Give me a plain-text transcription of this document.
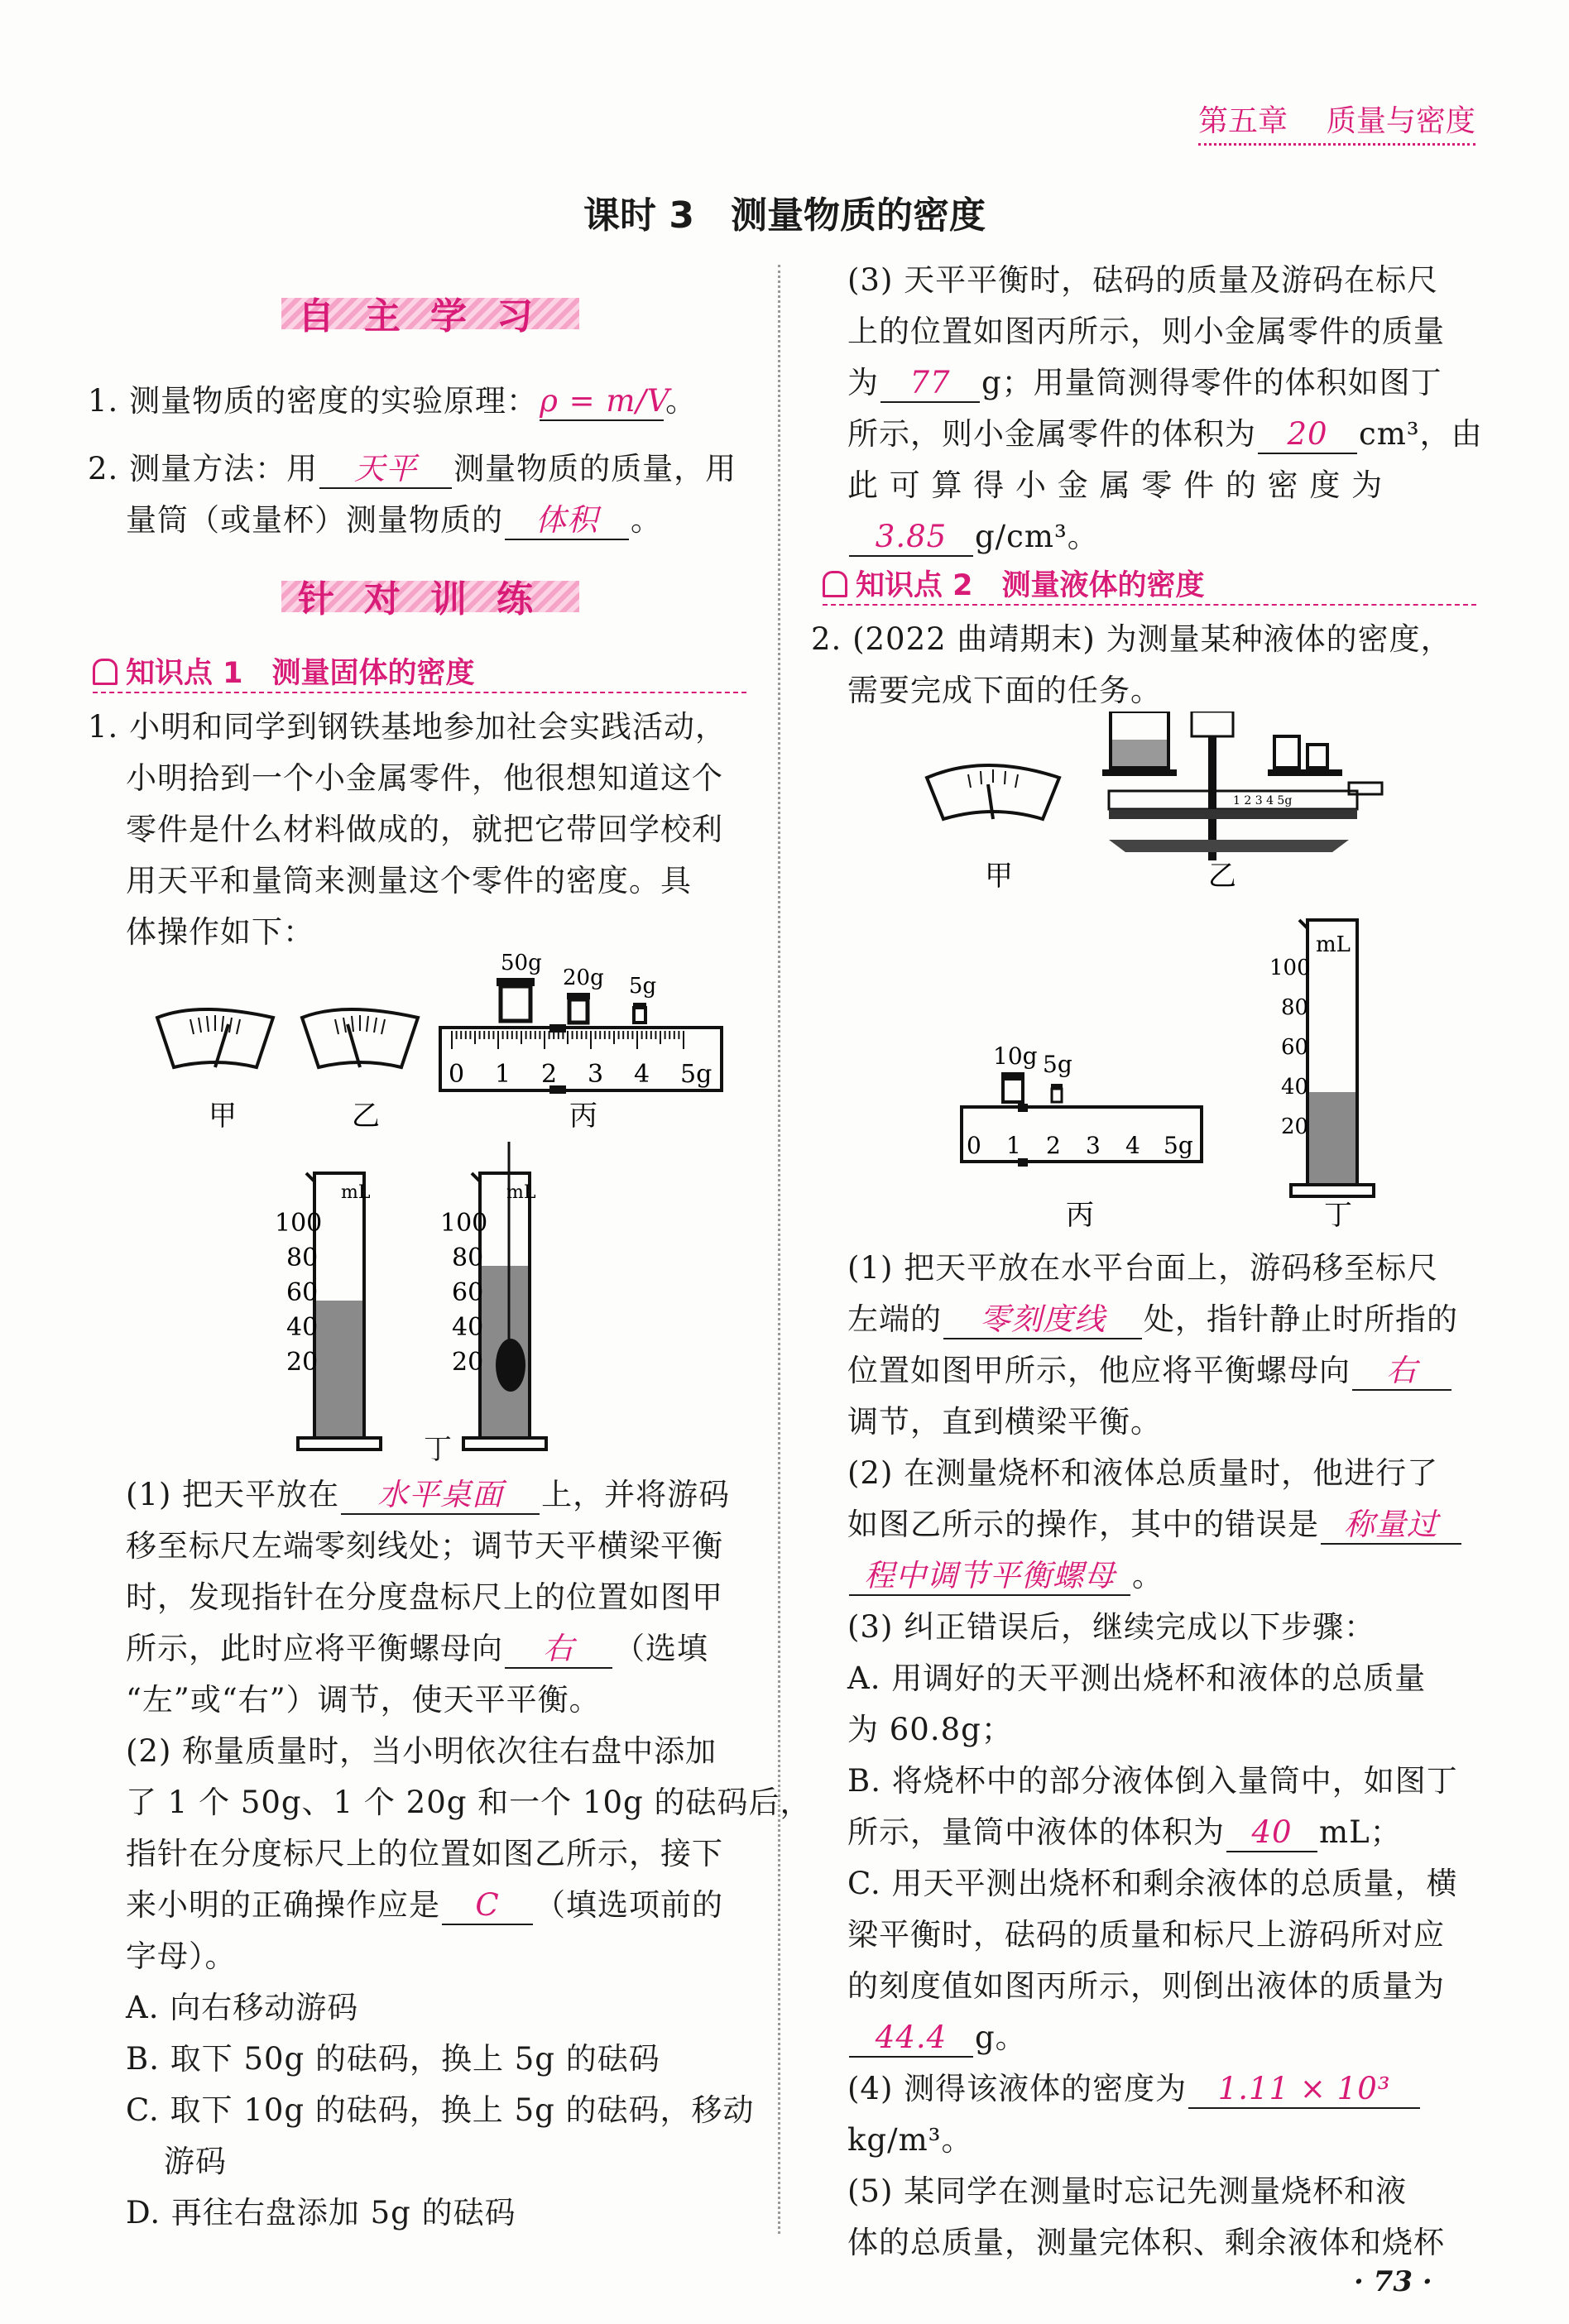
第五章 质量与密度
课时 3　测量物质的密度
自主学习
1. 测量物质的密度的实验原理：ρ = m/V。
2. 测量方法：用 天平 测量物质的质量，用
量筒（或量杯）测量物质的 体积 。
针对训练
知识点 1　测量固体的密度
1. 小明和同学到钢铁基地参加社会实践活动，
小明拾到一个小金属零件，他很想知道这个
零件是什么材料做成的，就把它带回学校利
用天平和量筒来测量这个零件的密度。具
体操作如下：
甲	乙
50g
20g 5g
0 1 2 3 4 5g
丙
mL
100
80
60
40
20
mL
100
80
60
40
20
丁
(1) 把天平放在 水平桌面 上，并将游码
移至标尺左端零刻线处；调节天平横梁平衡
时，发现指针在分度盘标尺上的位置如图甲
所示，此时应将平衡螺母向 右 （选填
“左”或“右”）调节，使天平平衡。
(2) 称量质量时，当小明依次往右盘中添加
了 1 个 50g、1 个 20g 和一个 10g 的砝码后，
指针在分度标尺上的位置如图乙所示，接下
来小明的正确操作应是 C （填选项前的
字母）。
A. 向右移动游码
B. 取下 50g 的砝码，换上 5g 的砝码
C. 取下 10g 的砝码，换上 5g 的砝码，移动
游码
D. 再往右盘添加 5g 的砝码
(3) 天平平衡时，砝码的质量及游码在标尺
上的位置如图丙所示，则小金属零件的质量
为 77 g；用量筒测得零件的体积如图丁
所示，则小金属零件的体积为 20 cm³，由
此 可 算 得 小 金 属 零 件 的 密 度 为
3.85 g/cm³。
知识点 2　测量液体的密度
2. (2022 曲靖期末) 为测量某种液体的密度，
需要完成下面的任务。
甲
1 2 3 4 5g
乙
10g 5g
0 1 2 3 4 5g
丙
mL
100
80
60
40
20
丁
(1) 把天平放在水平台面上，游码移至标尺
左端的 零刻度线 处，指针静止时所指的
位置如图甲所示，他应将平衡螺母向 右
调节，直到横梁平衡。
(2) 在测量烧杯和液体总质量时，他进行了
如图乙所示的操作，其中的错误是 称量过
程中调节平衡螺母 。
(3) 纠正错误后，继续完成以下步骤：
A. 用调好的天平测出烧杯和液体的总质量
为 60.8g；
B. 将烧杯中的部分液体倒入量筒中，如图丁
所示，量筒中液体的体积为 40 mL；
C. 用天平测出烧杯和剩余液体的总质量，横
梁平衡时，砝码的质量和标尺上游码所对应
的刻度值如图丙所示，则倒出液体的质量为
44.4 g。
(4) 测得该液体的密度为 1.11 × 10³
kg/m³。
(5) 某同学在测量时忘记先测量烧杯和液
体的总质量，测量完体积、剩余液体和烧杯
· 73 ·
